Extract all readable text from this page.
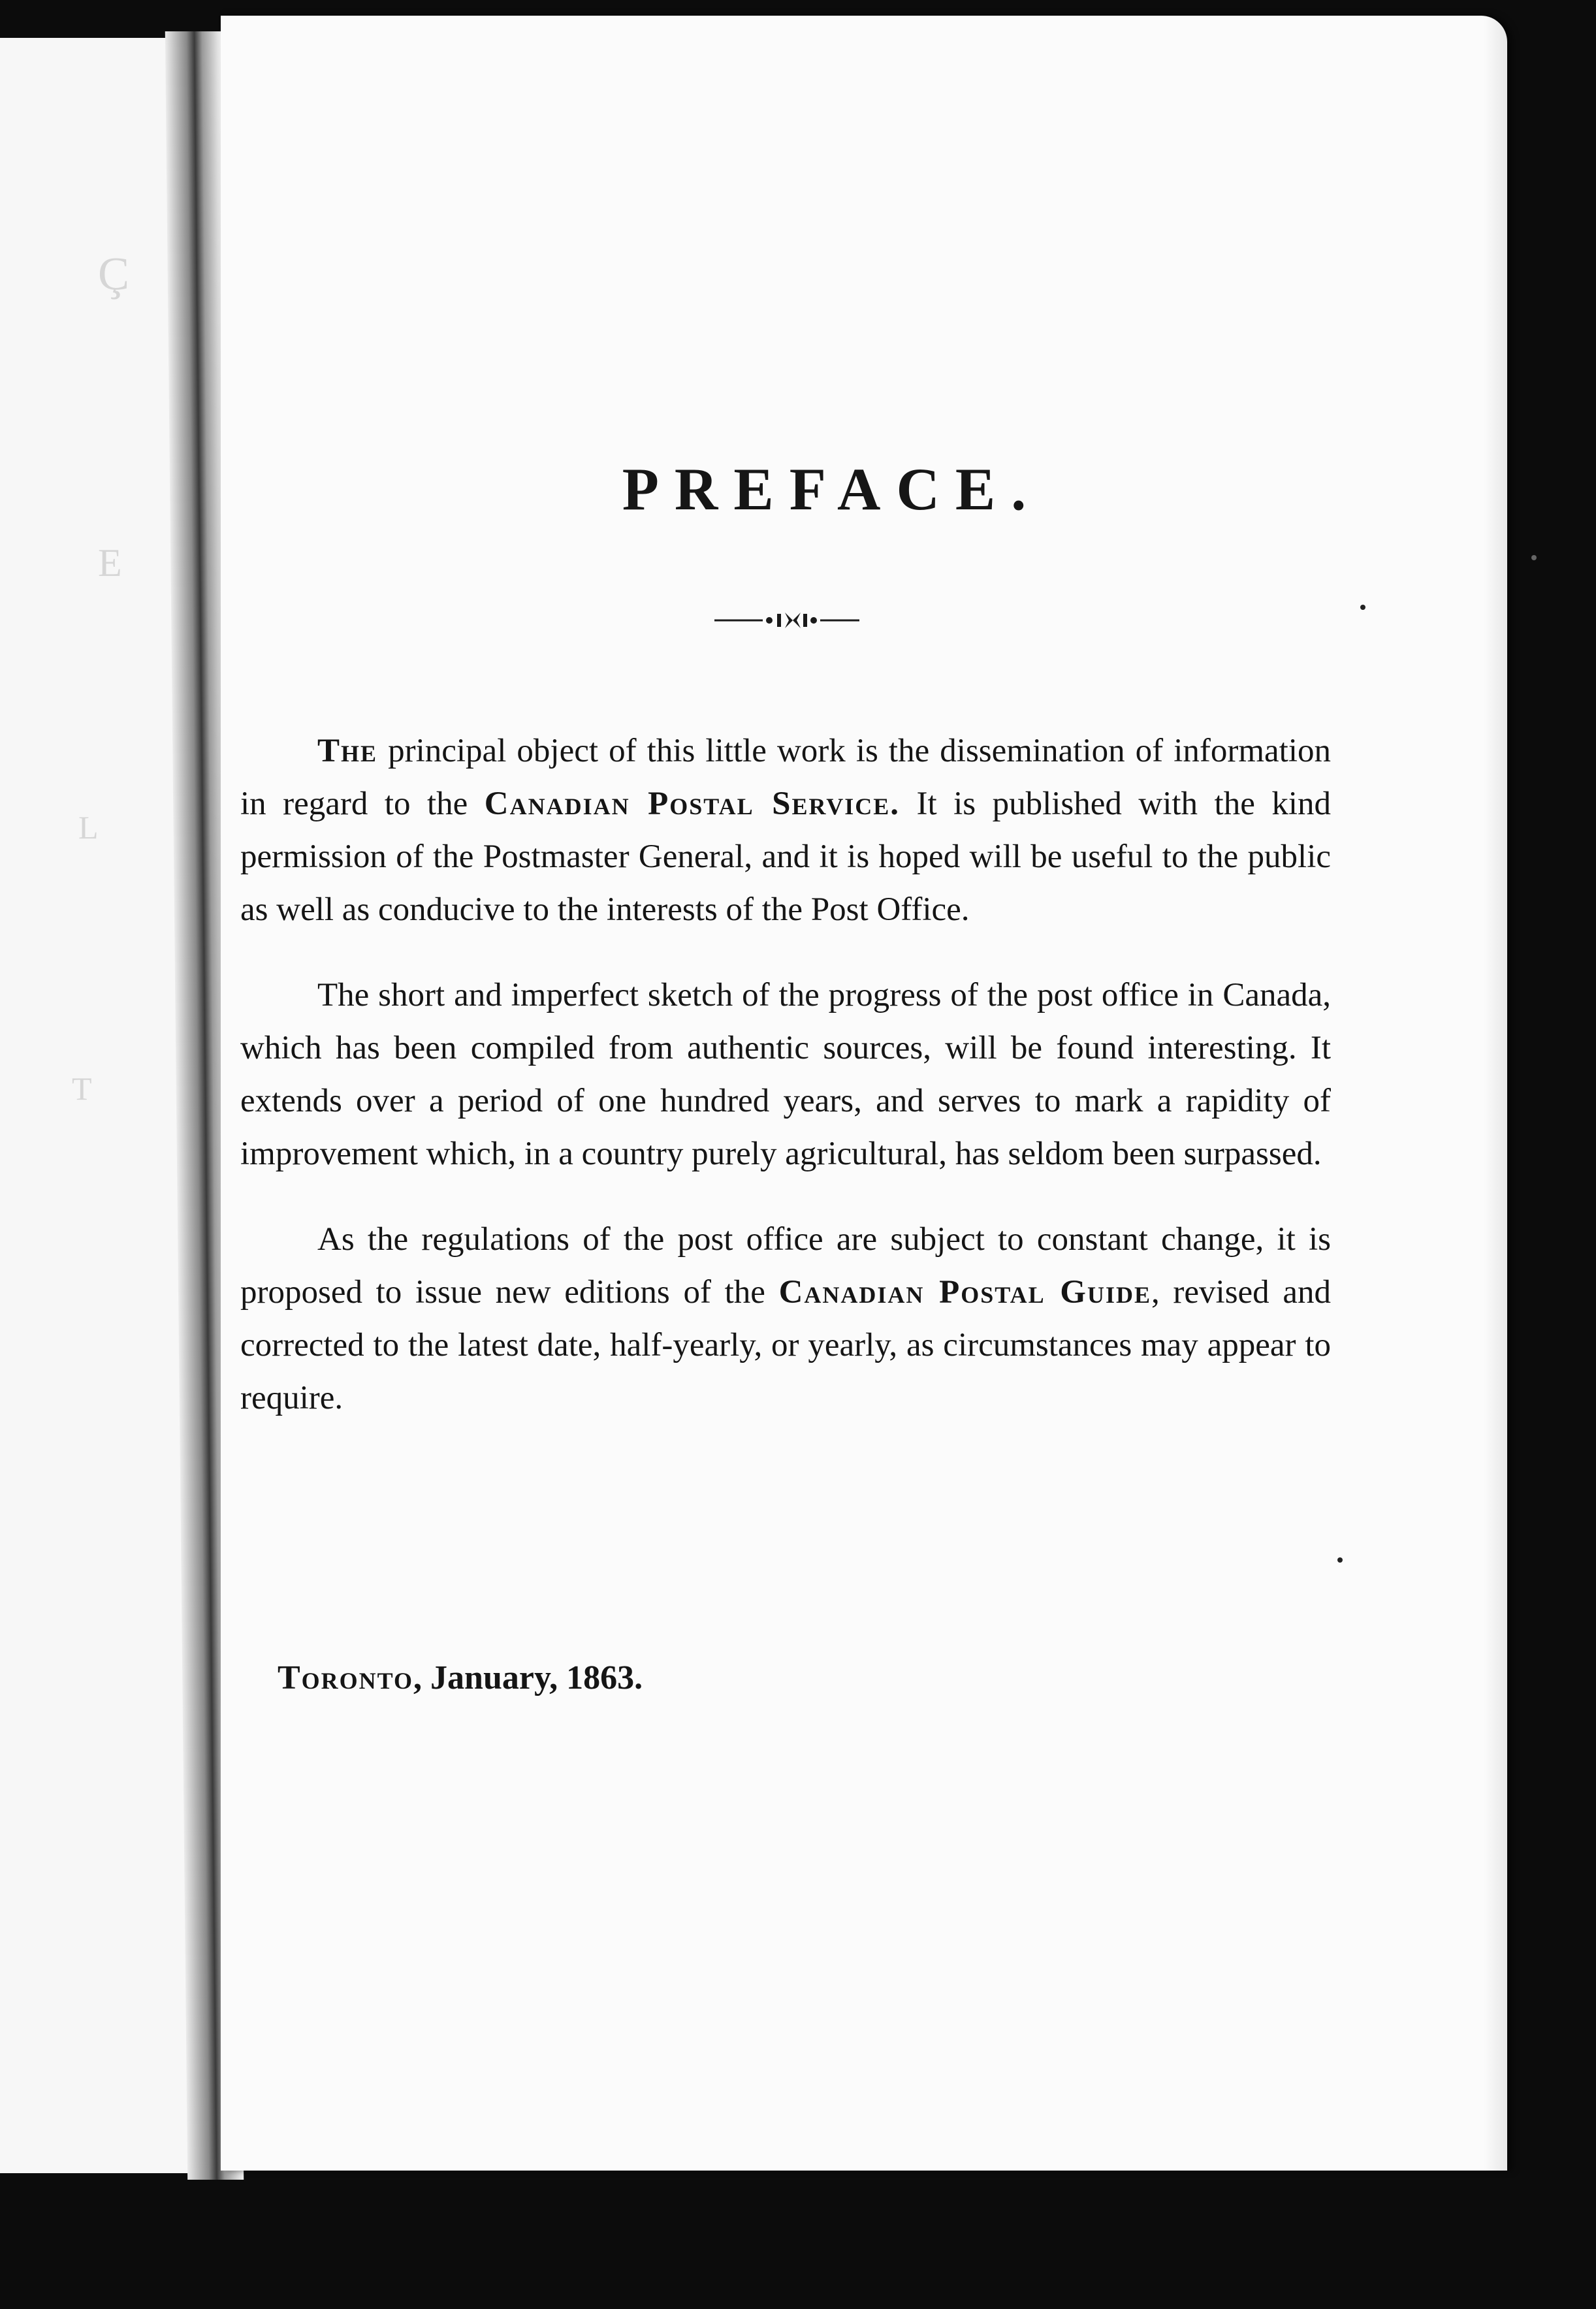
Ç
E
L
T
PREFACE.

The principal object of this little work is the dissemination of information in regard to the Canadian Postal Service. It is published with the kind permission of the Postmaster General, and it is hoped will be useful to the public as well as conducive to the interests of the Post Office.

The short and imperfect sketch of the progress of the post office in Canada, which has been compiled from authentic sources, will be found interesting. It extends over a period of one hundred years, and serves to mark a rapidity of improvement which, in a country purely agricultural, has seldom been surpassed.

As the regulations of the post office are subject to constant change, it is proposed to issue new editions of the Canadian Postal Guide, revised and corrected to the latest date, half-yearly, or yearly, as circumstances may appear to require.

Toronto, January, 1863.
